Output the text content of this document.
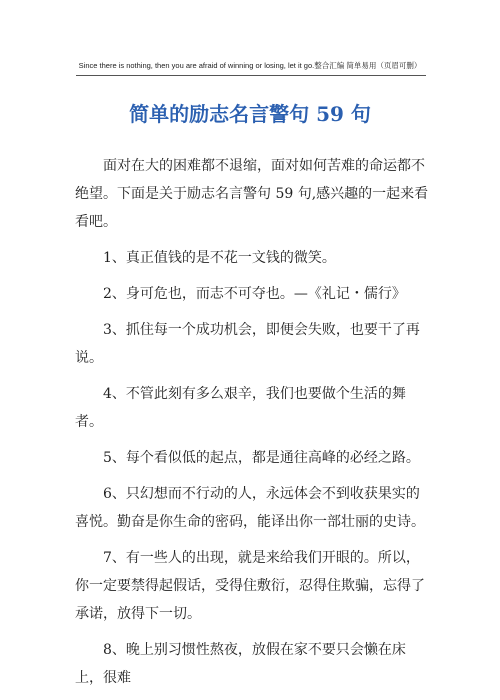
Since there is nothing, then you are afraid of winning or losing, let it go.整合汇编 简单易用（页眉可删）
简单的励志名言警句 59 句

面对在大的困难都不退缩，面对如何苦难的命运都不绝望。下面是关于励志名言警句 59 句,感兴趣的一起来看看吧。

1、真正值钱的是不花一文钱的微笑。

2、身可危也，而志不可夺也。—《礼记・儒行》

3、抓住每一个成功机会，即便会失败，也要干了再说。

4、不管此刻有多么艰辛，我们也要做个生活的舞者。

5、每个看似低的起点，都是通往高峰的必经之路。

6、只幻想而不行动的人，永远体会不到收获果实的喜悦。勤奋是你生命的密码，能译出你一部壮丽的史诗。

7、有一些人的出现，就是来给我们开眼的。所以，你一定要禁得起假话，受得住敷衍，忍得住欺骗，忘得了承诺，放得下一切。

8、晚上别习惯性熬夜，放假在家不要只会懒在床上，很难
